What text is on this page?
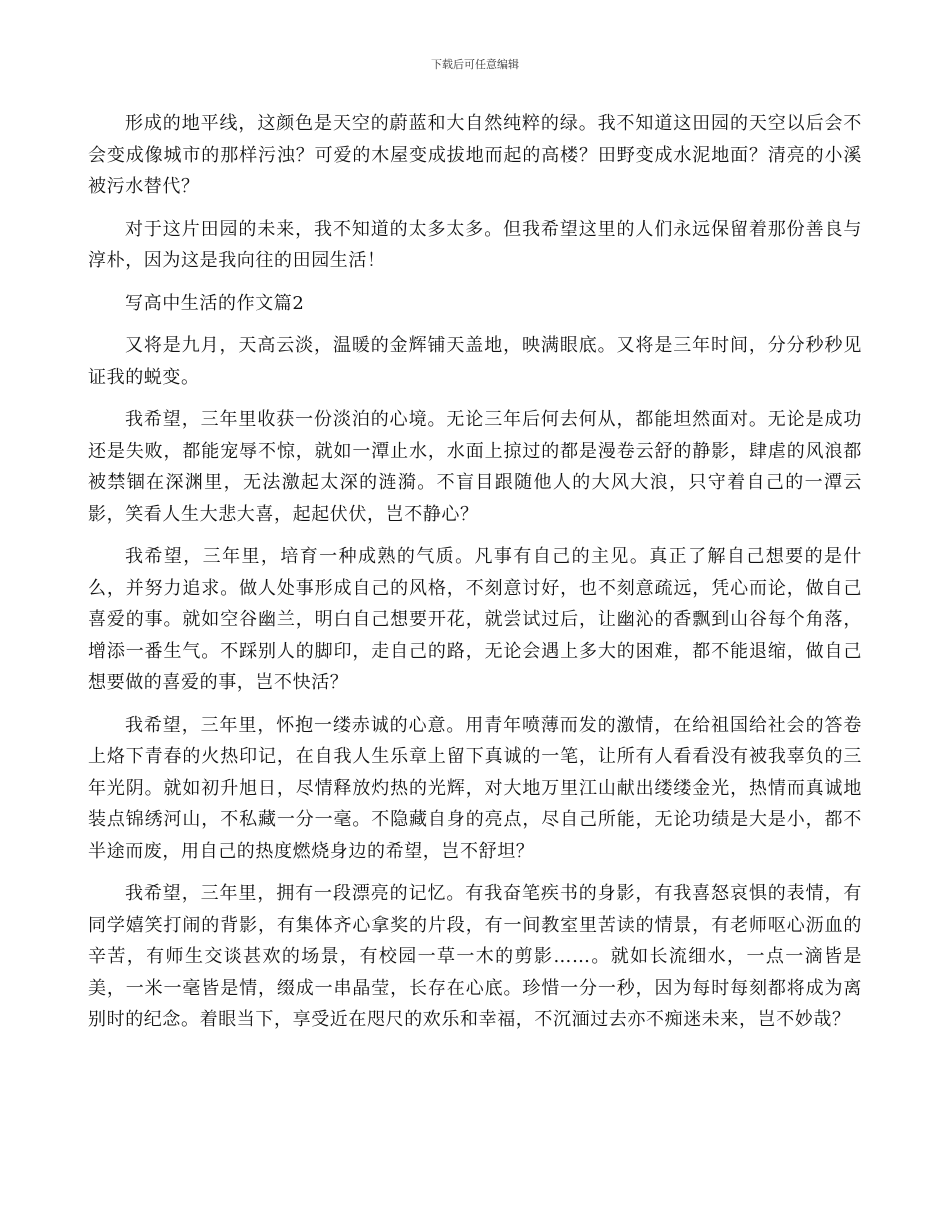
下载后可任意编辑

形成的地平线，这颜色是天空的蔚蓝和大自然纯粹的绿。我不知道这田园的天空以后会不会变成像城市的那样污浊？可爱的木屋变成拔地而起的高楼？田野变成水泥地面？清亮的小溪被污水替代？

对于这片田园的未来，我不知道的太多太多。但我希望这里的人们永远保留着那份善良与淳朴，因为这是我向往的田园生活！

写高中生活的作文篇2

又将是九月，天高云淡，温暖的金辉铺天盖地，映满眼底。又将是三年时间，分分秒秒见证我的蜕变。

我希望，三年里收获一份淡泊的心境。无论三年后何去何从，都能坦然面对。无论是成功还是失败，都能宠辱不惊，就如一潭止水，水面上掠过的都是漫卷云舒的静影，肆虐的风浪都被禁锢在深渊里，无法激起太深的涟漪。不盲目跟随他人的大风大浪，只守着自己的一潭云影，笑看人生大悲大喜，起起伏伏，岂不静心？

我希望，三年里，培育一种成熟的气质。凡事有自己的主见。真正了解自己想要的是什么，并努力追求。做人处事形成自己的风格，不刻意讨好，也不刻意疏远，凭心而论，做自己喜爱的事。就如空谷幽兰，明白自己想要开花，就尝试过后，让幽沁的香飘到山谷每个角落，增添一番生气。不踩别人的脚印，走自己的路，无论会遇上多大的困难，都不能退缩，做自己想要做的喜爱的事，岂不快活？

我希望，三年里，怀抱一缕赤诚的心意。用青年喷薄而发的激情，在给祖国给社会的答卷上烙下青春的火热印记，在自我人生乐章上留下真诚的一笔，让所有人看看没有被我辜负的三年光阴。就如初升旭日，尽情释放灼热的光辉，对大地万里江山献出缕缕金光，热情而真诚地装点锦绣河山，不私藏一分一毫。不隐藏自身的亮点，尽自己所能，无论功绩是大是小，都不半途而废，用自己的热度燃烧身边的希望，岂不舒坦？

我希望，三年里，拥有一段漂亮的记忆。有我奋笔疾书的身影，有我喜怒哀惧的表情，有同学嬉笑打闹的背影，有集体齐心拿奖的片段，有一间教室里苦读的情景，有老师呕心沥血的辛苦，有师生交谈甚欢的场景，有校园一草一木的剪影……。就如长流细水，一点一滴皆是美，一米一毫皆是情，缀成一串晶莹，长存在心底。珍惜一分一秒，因为每时每刻都将成为离别时的纪念。着眼当下，享受近在咫尺的欢乐和幸福，不沉湎过去亦不痴迷未来，岂不妙哉？
